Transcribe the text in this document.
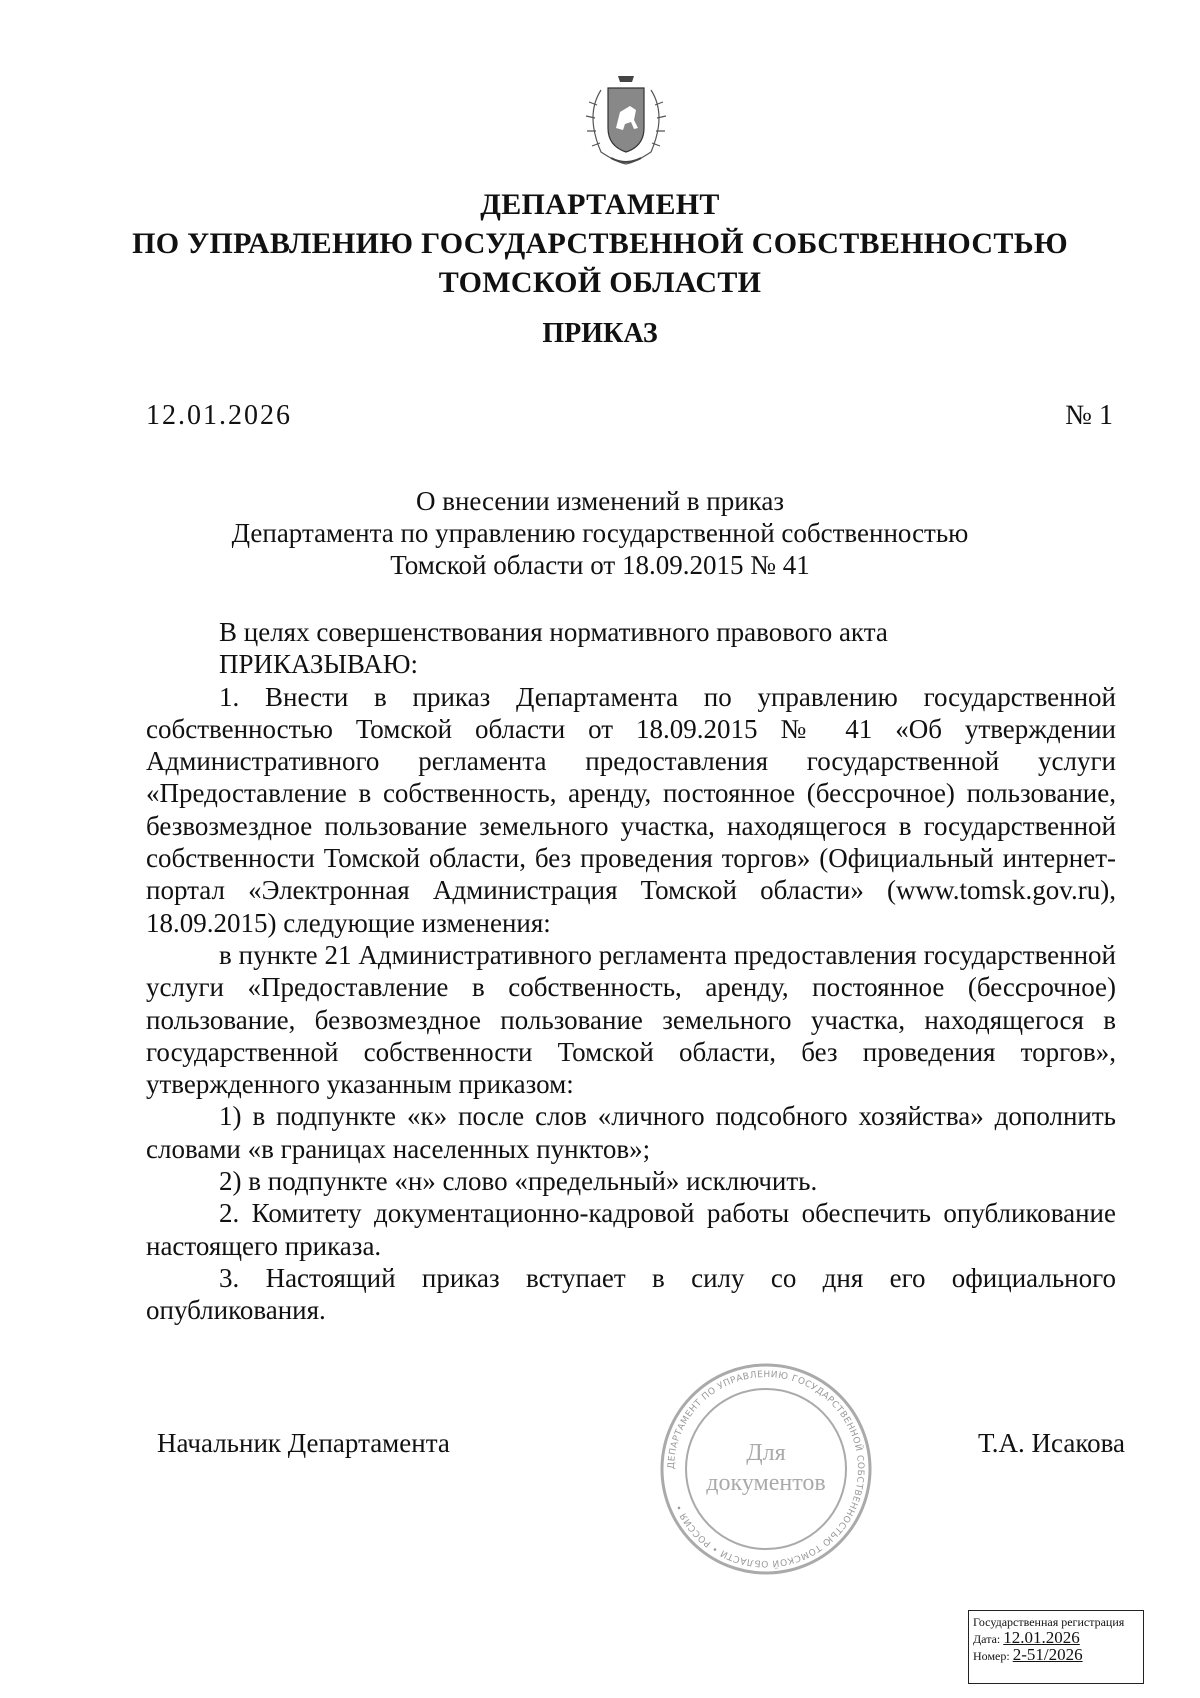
ДЕПАРТАМЕНТ
ПО УПРАВЛЕНИЮ ГОСУДАРСТВЕННОЙ СОБСТВЕННОСТЬЮ
ТОМСКОЙ ОБЛАСТИ
ПРИКАЗ
12.01.2026	№ 1
О внесении изменений в приказ
Департамента по управлению государственной собственностью
Томской области от 18.09.2015 № 41

В целях совершенствования нормативного правового акта

ПРИКАЗЫВАЮ:

1. Внести в приказ Департамента по управлению государственной собственностью Томской области от 18.09.2015 № 41 «Об утверждении Административного регламента предоставления государственной услуги «Предоставление в собственность, аренду, постоянное (бессрочное) пользование, безвозмездное пользование земельного участка, находящегося в государственной собственности Томской области, без проведения торгов» (Официальный интернет-портал «Электронная Администрация Томской области» (www.tomsk.gov.ru), 18.09.2015) следующие изменения:

в пункте 21 Административного регламента предоставления государственной услуги «Предоставление в собственность, аренду, постоянное (бессрочное) пользование, безвозмездное пользование земельного участка, находящегося в государственной собственности Томской области, без проведения торгов», утвержденного указанным приказом:

1) в подпункте «к» после слов «личного подсобного хозяйства» дополнить словами «в границах населенных пунктов»;

2) в подпункте «н» слово «предельный» исключить.

2. Комитету документационно-кадровой работы обеспечить опубликование настоящего приказа.

3. Настоящий приказ вступает в силу со дня его официального опубликования.

Начальник Департамента	Т.А. Исакова
ДЕПАРТАМЕНТ ПО УПРАВЛЕНИЮ ГОСУДАРСТВЕННОЙ СОБСТВЕННОСТЬЮ ТОМСКОЙ ОБЛАСТИ • РОССИЯ •
Для
документов
Государственная регистрация
Дата: 12.01.2026
Номер: 2-51/2026
